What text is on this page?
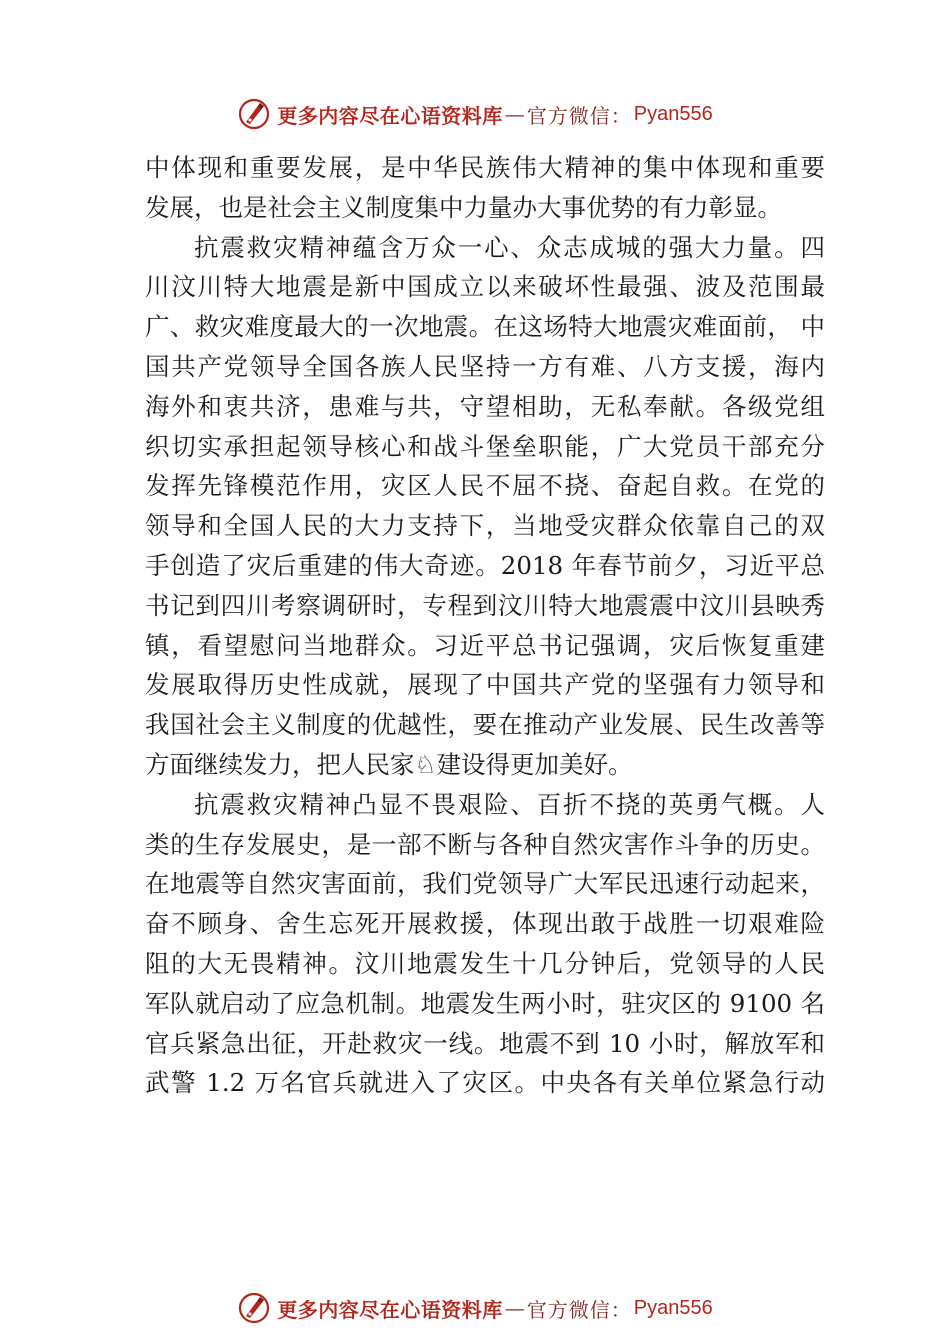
更多内容尽在心语资料库 — 官方微信： Pyan556
中体现和重要发展，是中华民族伟大精神的集中体现和重要
发展，也是社会主义制度集中力量办大事优势的有力彰显。
抗震救灾精神蕴含万众一心、众志成城的强大力量。四
川汶川特大地震是新中国成立以来破坏性最强、波及范围最
广、救灾难度最大的一次地震。在这场特大地震灾难面前， 中
国共产党领导全国各族人民坚持一方有难、八方支援，海内
海外和衷共济，患难与共，守望相助，无私奉献。各级党组
织切实承担起领导核心和战斗堡垒职能，广大党员干部充分
发挥先锋模范作用，灾区人民不屈不挠、奋起自救。在党的
领导和全国人民的大力支持下，当地受灾群众依靠自己的双
手创造了灾后重建的伟大奇迹。2018 年春节前夕，习近平总
书记到四川考察调研时，专程到汶川特大地震震中汶川县映秀
镇，看望慰问当地群众。习近平总书记强调，灾后恢复重建
发展取得历史性成就，展现了中国共产党的坚强有力领导和
我国社会主义制度的优越性，要在推动产业发展、民生改善等
方面继续发力，把人民家♘建设得更加美好。
抗震救灾精神凸显不畏艰险、百折不挠的英勇气概。人
类的生存发展史，是一部不断与各种自然灾害作斗争的历史。
在地震等自然灾害面前，我们党领导广大军民迅速行动起来，
奋不顾身、舍生忘死开展救援，体现出敢于战胜一切艰难险
阻的大无畏精神。汶川地震发生十几分钟后，党领导的人民
军队就启动了应急机制。地震发生两小时，驻灾区的 9100 名
官兵紧急出征，开赴救灾一线。地震不到 10 小时，解放军和
武警 1.2 万名官兵就进入了灾区。中央各有关单位紧急行动
更多内容尽在心语资料库 — 官方微信： Pyan556
